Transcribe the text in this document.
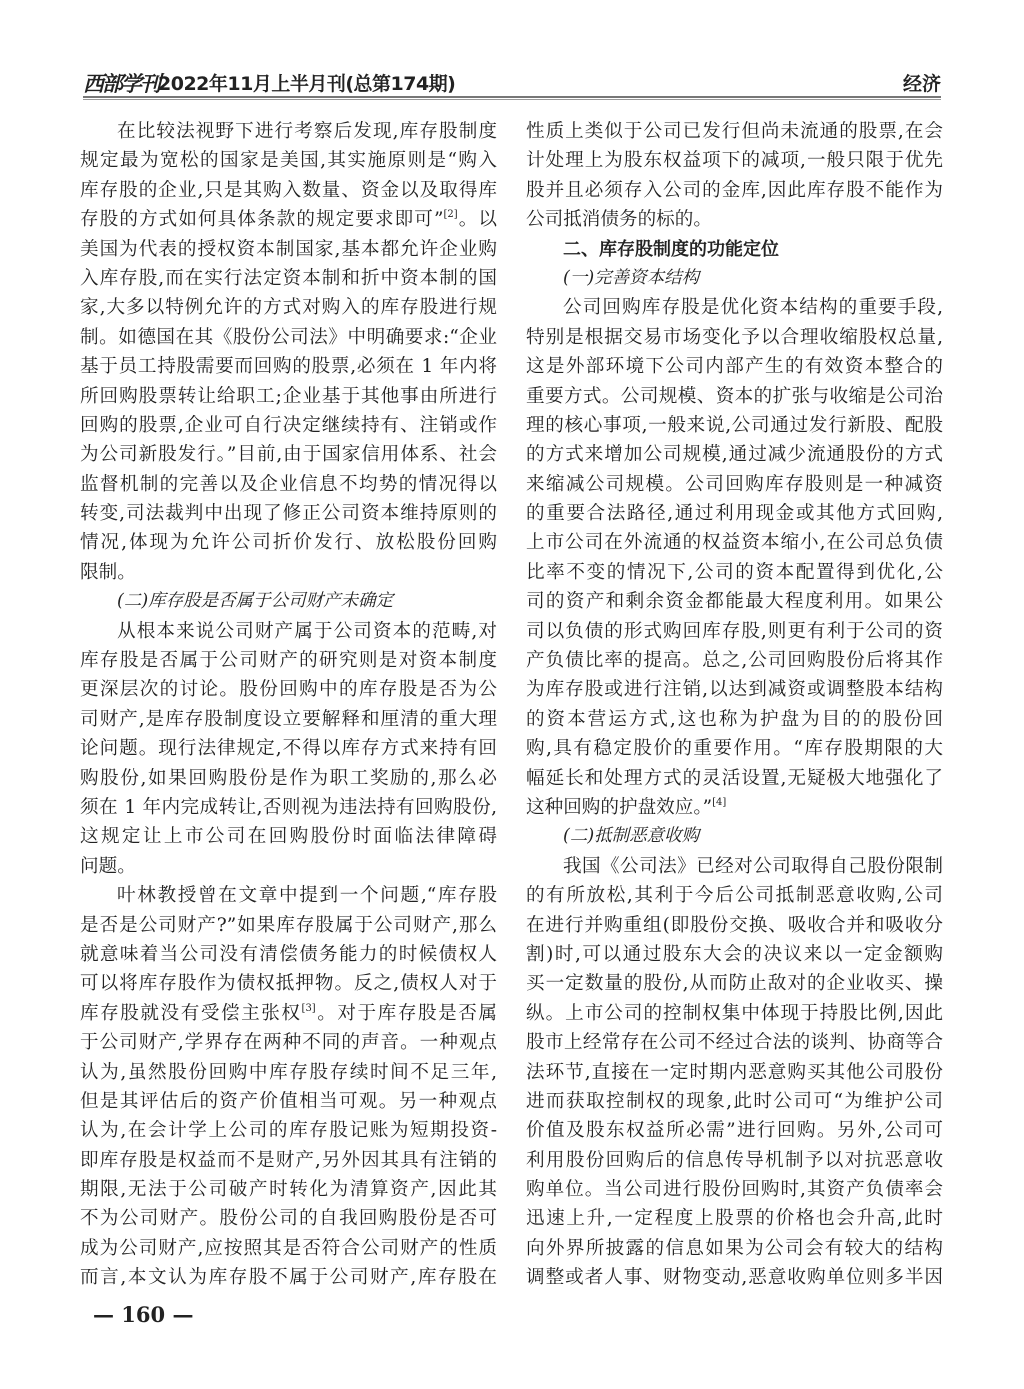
西部学刊 2022年11月上半月刊(总第174期)	经济
在比较法视野下进行考察后发现,库存股制度
规定最为宽松的国家是美国,其实施原则是“购入
库存股的企业,只是其购入数量、资金以及取得库
存股的方式如何具体条款的规定要求即可”[2]。以
美国为代表的授权资本制国家,基本都允许企业购
入库存股,而在实行法定资本制和折中资本制的国
家,大多以特例允许的方式对购入的库存股进行规
制。如德国在其《股份公司法》中明确要求:“企业
基于员工持股需要而回购的股票,必须在 1 年内将
所回购股票转让给职工;企业基于其他事由所进行
回购的股票,企业可自行决定继续持有、注销或作
为公司新股发行。”目前,由于国家信用体系、社会
监督机制的完善以及企业信息不均势的情况得以
转变,司法裁判中出现了修正公司资本维持原则的
情况,体现为允许公司折价发行、放松股份回购
限制。
(二)库存股是否属于公司财产未确定
从根本来说公司财产属于公司资本的范畴,对
库存股是否属于公司财产的研究则是对资本制度
更深层次的讨论。股份回购中的库存股是否为公
司财产,是库存股制度设立要解释和厘清的重大理
论问题。现行法律规定,不得以库存方式来持有回
购股份,如果回购股份是作为职工奖励的,那么必
须在 1 年内完成转让,否则视为违法持有回购股份,
这规定让上市公司在回购股份时面临法律障碍
问题。
叶林教授曾在文章中提到一个问题,“库存股
是否是公司财产?”如果库存股属于公司财产,那么
就意味着当公司没有清偿债务能力的时候债权人
可以将库存股作为债权抵押物。反之,债权人对于
库存股就没有受偿主张权[3]。对于库存股是否属
于公司财产,学界存在两种不同的声音。一种观点
认为,虽然股份回购中库存股存续时间不足三年,
但是其评估后的资产价值相当可观。另一种观点
认为,在会计学上公司的库存股记账为短期投资-
即库存股是权益而不是财产,另外因其具有注销的
期限,无法于公司破产时转化为清算资产,因此其
不为公司财产。股份公司的自我回购股份是否可
成为公司财产,应按照其是否符合公司财产的性质
而言,本文认为库存股不属于公司财产,库存股在
性质上类似于公司已发行但尚未流通的股票,在会
计处理上为股东权益项下的减项,一般只限于优先
股并且必须存入公司的金库,因此库存股不能作为
公司抵消债务的标的。
二、库存股制度的功能定位
(一)完善资本结构
公司回购库存股是优化资本结构的重要手段,
特别是根据交易市场变化予以合理收缩股权总量,
这是外部环境下公司内部产生的有效资本整合的
重要方式。公司规模、资本的扩张与收缩是公司治
理的核心事项,一般来说,公司通过发行新股、配股
的方式来增加公司规模,通过减少流通股份的方式
来缩减公司规模。公司回购库存股则是一种减资
的重要合法路径,通过利用现金或其他方式回购,
上市公司在外流通的权益资本缩小,在公司总负债
比率不变的情况下,公司的资本配置得到优化,公
司的资产和剩余资金都能最大程度利用。如果公
司以负债的形式购回库存股,则更有利于公司的资
产负债比率的提高。总之,公司回购股份后将其作
为库存股或进行注销,以达到减资或调整股本结构
的资本营运方式,这也称为护盘为目的的股份回
购,具有稳定股价的重要作用。“库存股期限的大
幅延长和处理方式的灵活设置,无疑极大地强化了
这种回购的护盘效应。”[4]
(二)抵制恶意收购
我国《公司法》已经对公司取得自己股份限制
的有所放松,其利于今后公司抵制恶意收购,公司
在进行并购重组(即股份交换、吸收合并和吸收分
割)时,可以通过股东大会的决议来以一定金额购
买一定数量的股份,从而防止敌对的企业收买、操
纵。上市公司的控制权集中体现于持股比例,因此
股市上经常存在公司不经过合法的谈判、协商等合
法环节,直接在一定时期内恶意购买其他公司股份
进而获取控制权的现象,此时公司可“为维护公司
价值及股东权益所必需”进行回购。另外,公司可
利用股份回购后的信息传导机制予以对抗恶意收
购单位。当公司进行股份回购时,其资产负债率会
迅速上升,一定程度上股票的价格也会升高,此时
向外界所披露的信息如果为公司会有较大的结构
调整或者人事、财物变动,恶意收购单位则多半因
— 160 —
